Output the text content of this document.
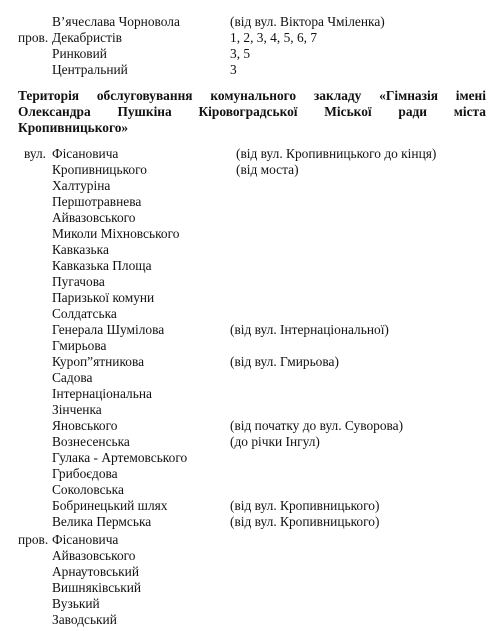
В’ячеслава Чорновола	(від вул. Віктора Чміленка)
пров. Декабристів	1, 2, 3, 4, 5, 6, 7
Ринковий	3, 5
Центральний	3
Територія обслуговування комунального закладу «Гімназія імені
Олександра Пушкіна Кіровоградської Міської ради міста
Кропивницького»
вул. Фісановича	(від вул. Кропивницького до кінця)
Кропивницького	(від моста)
Халтуріна
Першотравнева
Айвазовського
Миколи Міхновського
Кавказька
Кавказька Площа
Пугачова
Паризької комуни
Солдатська
Генерала Шумілова	(від вул. Інтернаціональної)
Гмирьова
Куроп”ятникова	(від вул. Гмирьова)
Садова
Інтернаціональна
Зінченка
Яновського	(від початку до вул. Суворова)
Вознесенська	(до річки Інгул)
Гулака - Артемовського
Грибоєдова
Соколовська
Бобринецький шлях	(від вул. Кропивницького)
Велика Пермська	(від вул. Кропивницького)
пров. Фісановича
Айвазовського
Арнаутовський
Вишняківський
Вузький
Заводський
